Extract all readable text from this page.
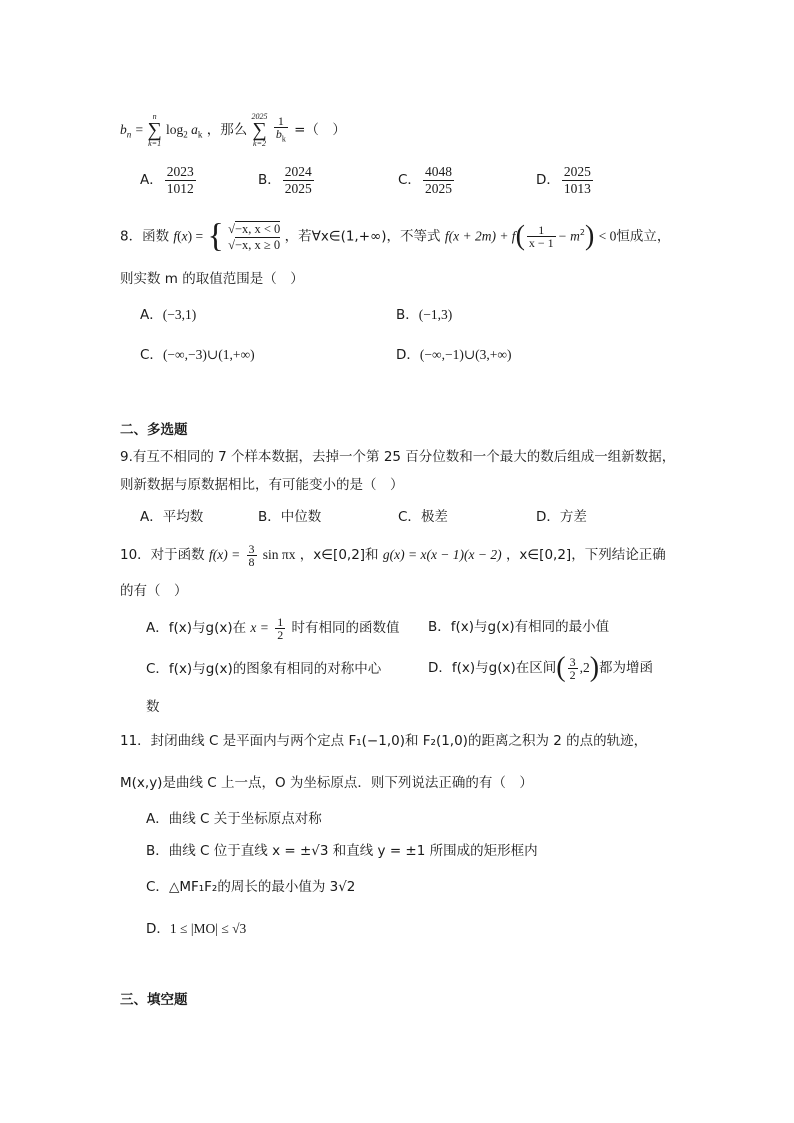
$b_n$ =
n
∑
k=1
$\log_2 a_k$ ，那么
2025
∑
k=2
$\frac{1}{b_k}$ =（　）
A． $\frac{2023}{1012}$	B． $\frac{2024}{2025}$	C． $\frac{4048}{2025}$	D． $\frac{2025}{1013}$
8．函数 f(x) = { √−x, x < 0
√−x, x ≥ 0 ，若∀x∈(1,+∞)，不等式 $f(x + 2m) + f( \frac{1}{x - 1} - m^2) < 0$恒成立，
则实数 m 的取值范围是（　）
A．(−3,1)	B．(−1,3)
C．(−∞,−3)∪(1,+∞)	D．(−∞,−1)∪(3,+∞)
二、多选题
9.有互不相同的 7 个样本数据，去掉一个第 25 百分位数和一个最大的数后组成一组新数据，
则新数据与原数据相比，有可能变小的是（　）
A．平均数	B．中位数	C．极差	D．方差
10．对于函数 $f(x) = \frac{3}{8}$ sin πx ，x∈[0,2]和 g(x) = x(x − 1)(x − 2) ，x∈[0,2]，下列结论正确
的有（　）
A．f(x)与g(x)在 $x = \frac{1}{2}$ 时有相同的函数值 B．f(x)与g(x)有相同的最小值
C．f(x)与g(x)的图象有相同的对称中心	D．f(x)与g(x)在区间( $\frac{3}{2} ,2$)都为增函
数
11．封闭曲线 C 是平面内与两个定点 F₁(−1,0)和 F₂(1,0)的距离之积为 2 的点的轨迹，
M(x,y)是曲线 C 上一点，O 为坐标原点．则下列说法正确的有（　）
A．曲线 C 关于坐标原点对称
B．曲线 C 位于直线 x = ±√3 和直线 y = ±1 所围成的矩形框内
C．△MF₁F₂的周长的最小值为 3√2
D．1 ≤ |MO| ≤ √3
三、填空题
